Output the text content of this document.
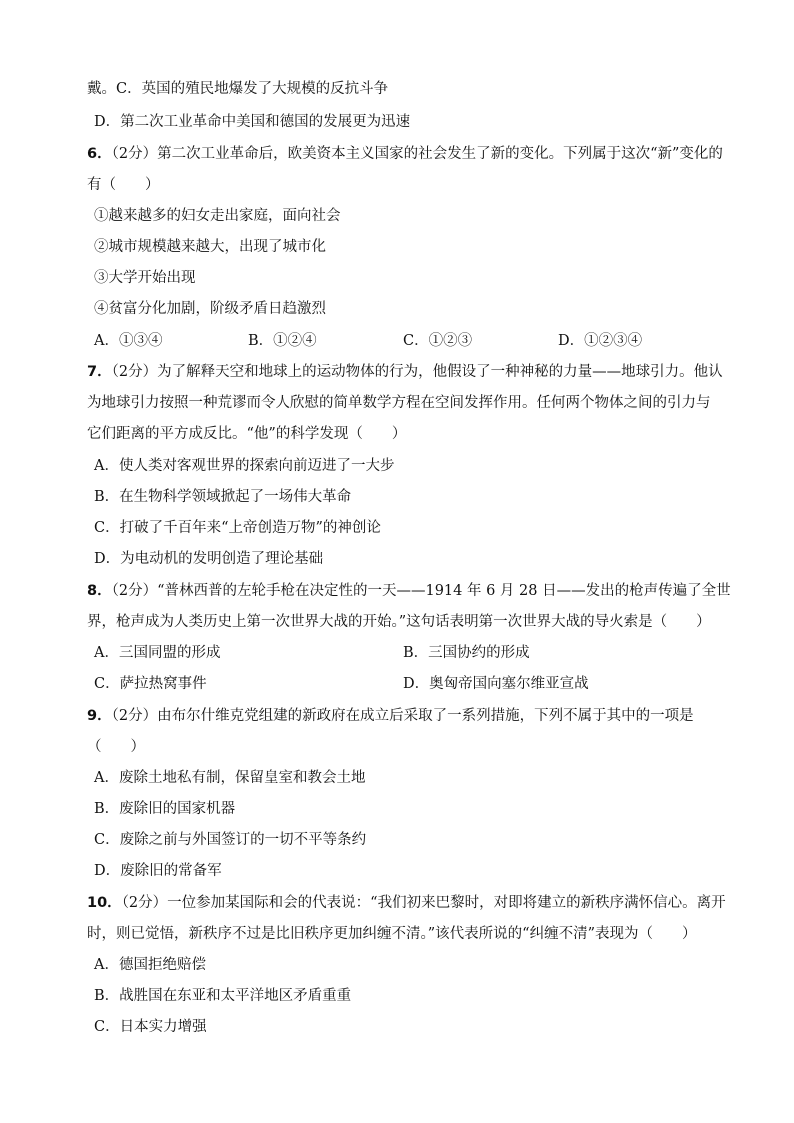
戴。C．英国的殖民地爆发了大规模的反抗斗争
D．第二次工业革命中美国和德国的发展更为迅速
6．（2分）第二次工业革命后，欧美资本主义国家的社会发生了新的变化。下列属于这次“新”变化的
有（　　）
①越来越多的妇女走出家庭，面向社会
②城市规模越来越大，出现了城市化
③大学开始出现
④贫富分化加剧，阶级矛盾日趋激烈
A．①③④	B．①②④	C．①②③	D．①②③④
7．（2分）为了解释天空和地球上的运动物体的行为，他假设了一种神秘的力量——地球引力。他认
为地球引力按照一种荒谬而令人欣慰的简单数学方程在空间发挥作用。任何两个物体之间的引力与
它们距离的平方成反比。“他”的科学发现（　　）
A．使人类对客观世界的探索向前迈进了一大步
B．在生物科学领域掀起了一场伟大革命
C．打破了千百年来“上帝创造万物”的神创论
D．为电动机的发明创造了理论基础
8．（2分）“普林西普的左轮手枪在决定性的一天——1914 年 6 月 28 日——发出的枪声传遍了全世
界，枪声成为人类历史上第一次世界大战的开始。”这句话表明第一次世界大战的导火索是（　　）
A．三国同盟的形成	B．三国协约的形成
C．萨拉热窝事件	D．奥匈帝国向塞尔维亚宣战
9．（2分）由布尔什维克党组建的新政府在成立后采取了一系列措施，下列不属于其中的一项是
（　　）
A．废除土地私有制，保留皇室和教会土地
B．废除旧的国家机器
C．废除之前与外国签订的一切不平等条约
D．废除旧的常备军
10．（2分）一位参加某国际和会的代表说：“我们初来巴黎时，对即将建立的新秩序满怀信心。离开
时，则已觉悟，新秩序不过是比旧秩序更加纠缠不清。”该代表所说的“纠缠不清”表现为（　　）
A．德国拒绝赔偿
B．战胜国在东亚和太平洋地区矛盾重重
C．日本实力增强
